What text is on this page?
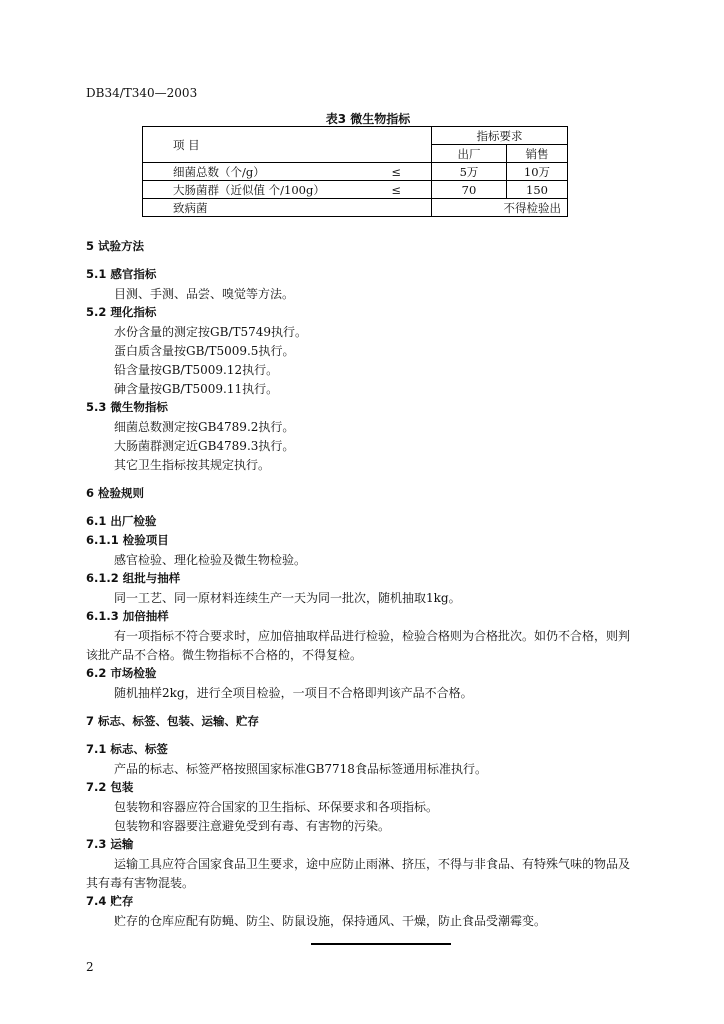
DB34/T340—2003
表3 微生物指标
项 目		指标要求	
		出厂	销售
细菌总数（个/g）	≤	5万	10万
大肠菌群（近似值 个/100g）	≤	70	150
致病菌		不得检验出	
5 试验方法
5.1 感官指标
目测、手测、品尝、嗅觉等方法。
5.2 理化指标
水份含量的测定按GB/T5749执行。
蛋白质含量按GB/T5009.5执行。
铅含量按GB/T5009.12执行。
砷含量按GB/T5009.11执行。
5.3 微生物指标
细菌总数测定按GB4789.2执行。
大肠菌群测定近GB4789.3执行。
其它卫生指标按其规定执行。
6 检验规则
6.1 出厂检验
6.1.1 检验项目
感官检验、理化检验及微生物检验。
6.1.2 组批与抽样
同一工艺、同一原材料连续生产一天为同一批次，随机抽取1kg。
6.1.3 加倍抽样
有一项指标不符合要求时，应加倍抽取样品进行检验，检验合格则为合格批次。如仍不合格，则判
该批产品不合格。微生物指标不合格的，不得复检。
6.2 市场检验
随机抽样2kg，进行全项目检验，一项目不合格即判该产品不合格。
7 标志、标签、包装、运输、贮存
7.1 标志、标签
产品的标志、标签严格按照国家标准GB7718食品标签通用标准执行。
7.2 包装
包装物和容器应符合国家的卫生指标、环保要求和各项指标。
包装物和容器要注意避免受到有毒、有害物的污染。
7.3 运输
运输工具应符合国家食品卫生要求，途中应防止雨淋、挤压，不得与非食品、有特殊气味的物品及
其有毒有害物混装。
7.4 贮存
贮存的仓库应配有防蝇、防尘、防鼠设施，保持通风、干燥，防止食品受潮霉变。
2
